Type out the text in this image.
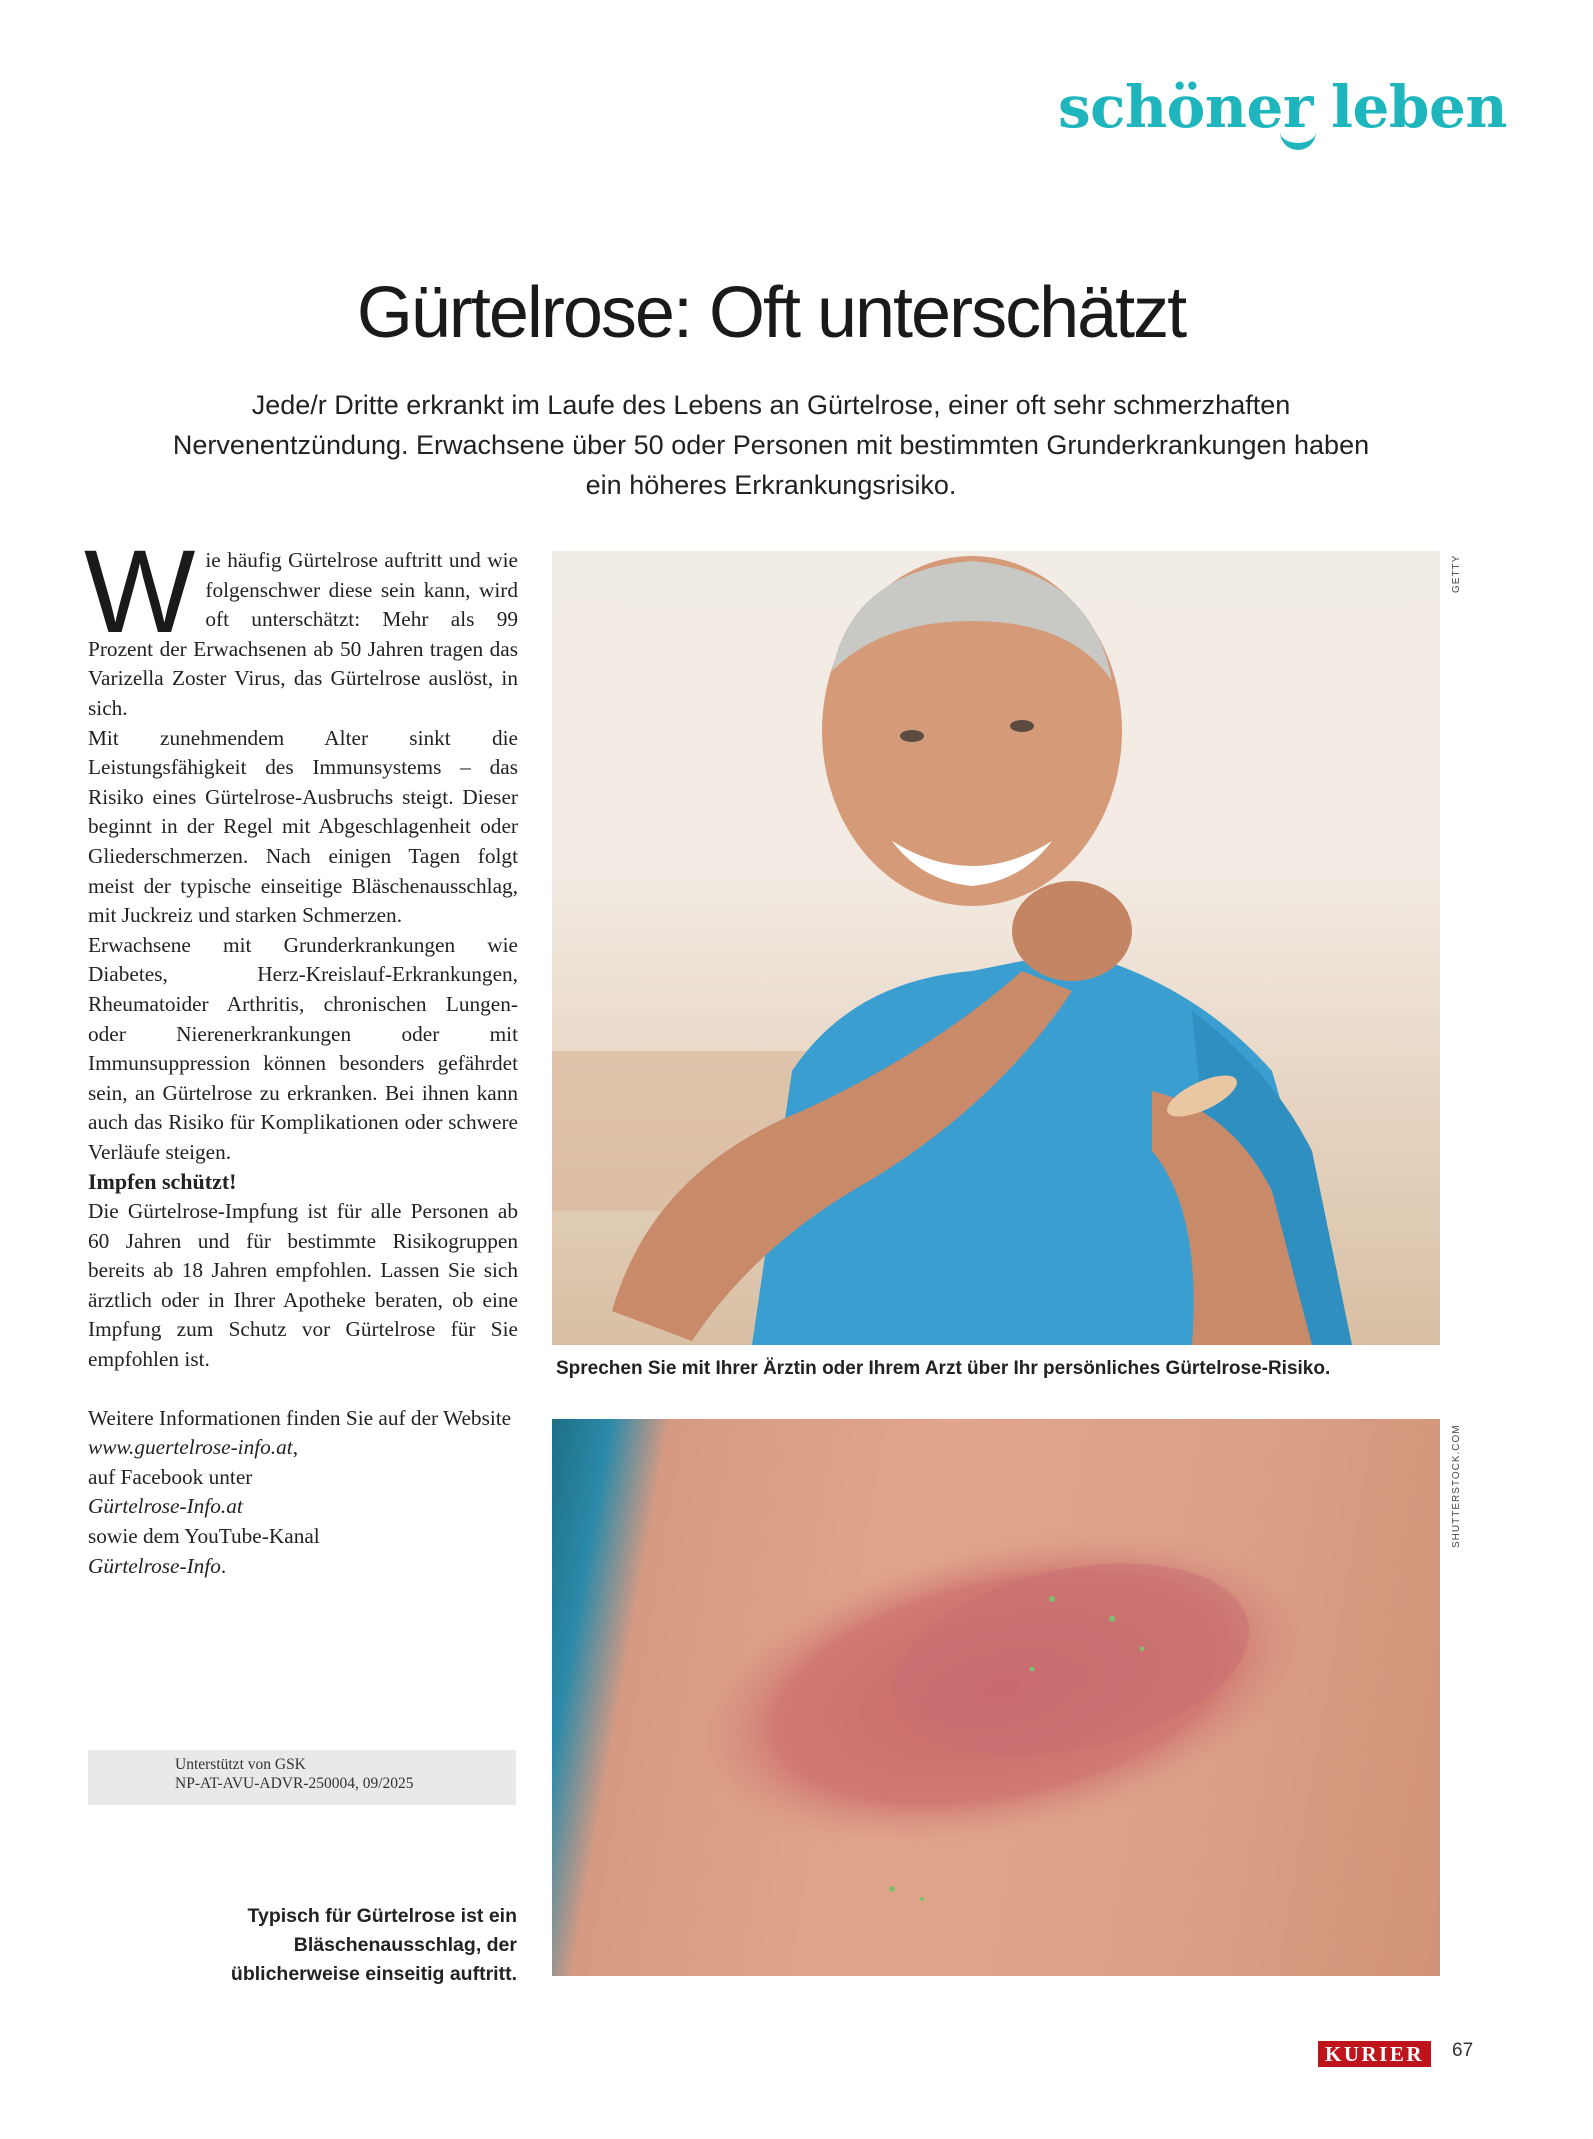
schöner leben
Gürtelrose: Oft unterschätzt

Jede/r Dritte erkrankt im Laufe des Lebens an Gürtelrose, einer oft sehr schmerzhaften Nervenentzündung. Erwachsene über 50 oder Personen mit bestimmten Grunderkrankungen haben ein höheres Erkrankungsrisiko.

Wie häufig Gürtelrose auftritt und wie folgenschwer diese sein kann, wird oft unterschätzt: Mehr als 99 Prozent der Erwachsenen ab 50 Jahren tragen das Varizella Zoster Virus, das Gürtelrose auslöst, in sich.

Mit zunehmendem Alter sinkt die Leistungsfähigkeit des Immunsystems – das Risiko eines Gürtelrose-Ausbruchs steigt. Dieser beginnt in der Regel mit Abgeschlagenheit oder Gliederschmerzen. Nach einigen Tagen folgt meist der typische einseitige Bläschenausschlag, mit Juckreiz und starken Schmerzen.

Erwachsene mit Grunderkrankungen wie Diabetes, Herz-Kreislauf-Erkrankungen, Rheumatoider Arthritis, chronischen Lungen- oder Nierenerkrankungen oder mit Immunsuppression können besonders gefährdet sein, an Gürtelrose zu erkranken. Bei ihnen kann auch das Risiko für Komplikationen oder schwere Verläufe steigen.

Impfen schützt!

Die Gürtelrose-Impfung ist für alle Personen ab 60 Jahren und für bestimmte Risikogruppen bereits ab 18 Jahren empfohlen. Lassen Sie sich ärztlich oder in Ihrer Apotheke beraten, ob eine Impfung zum Schutz vor Gürtelrose für Sie empfohlen ist.

Weitere Informationen finden Sie auf der Website
www.guertelrose-info.at,
auf Facebook unter
Gürtelrose-Info.at
sowie dem YouTube-Kanal
Gürtelrose-Info.
Unterstützt von GSK
NP-AT-AVU-ADVR-250004, 09/2025
GETTY
Sprechen Sie mit Ihrer Ärztin oder Ihrem Arzt über Ihr persönliches Gürtelrose-Risiko.
SHUTTERSTOCK.COM
Typisch für Gürtelrose ist ein Bläschenausschlag, der üblicherweise einseitig auftritt.
KURIER	67
